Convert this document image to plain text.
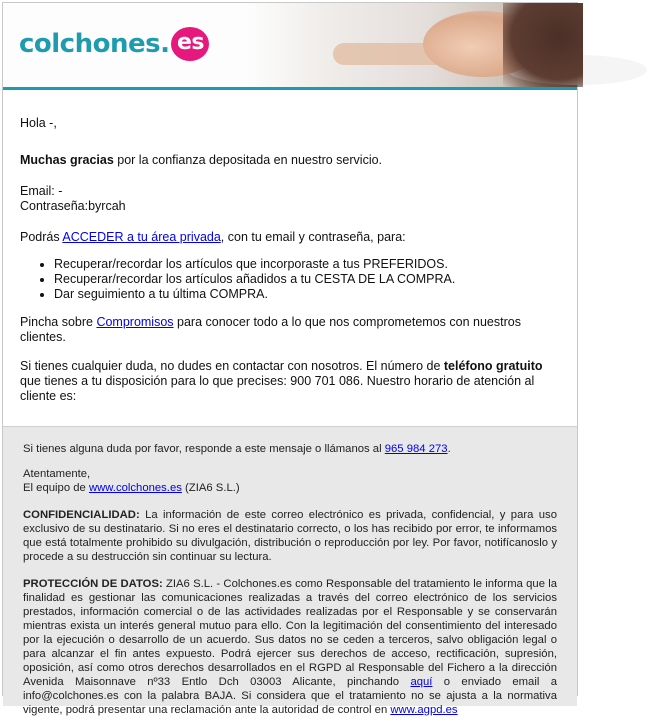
colchones. es

Hola -,

Muchas gracias por la confianza depositada en nuestro servicio.

Email: -

Contraseña:byrcah

Podrás ACCEDER a tu área privada, con tu email y contraseña, para:

• Recuperar/recordar los artículos que incorporaste a tus PREFERIDOS.
• Recuperar/recordar los artículos añadidos a tu CESTA DE LA COMPRA.
• Dar seguimiento a tu última COMPRA.

Pincha sobre Compromisos para conocer todo a lo que nos comprometemos con nuestros clientes.

Si tienes cualquier duda, no dudes en contactar con nosotros. El número de teléfono gratuito que tienes a tu disposición para lo que precises: 900 701 086. Nuestro horario de atención al cliente es:

Si tienes alguna duda por favor, responde a este mensaje o llámanos al 965 984 273.

Atentamente,

El equipo de www.colchones.es (ZIA6 S.L.)

CONFIDENCIALIDAD: La información de este correo electrónico es privada, confidencial, y para uso exclusivo de su destinatario. Si no eres el destinatario correcto, o los has recibido por error, te informamos que está totalmente prohibido su divulgación, distribución o reproducción por ley. Por favor, notifícanoslo y procede a su destrucción sin continuar su lectura.

PROTECCIÓN DE DATOS: ZIA6 S.L. - Colchones.es como Responsable del tratamiento le informa que la finalidad es gestionar las comunicaciones realizadas a través del correo electrónico de los servicios prestados, información comercial o de las actividades realizadas por el Responsable y se conservarán mientras exista un interés general mutuo para ello. Con la legitimación del consentimiento del interesado por la ejecución o desarrollo de un acuerdo. Sus datos no se ceden a terceros, salvo obligación legal o para alcanzar el fin antes expuesto. Podrá ejercer sus derechos de acceso, rectificación, supresión, oposición, así como otros derechos desarrollados en el RGPD al Responsable del Fichero a la dirección Avenida Maisonnave nº33 Entlo Dch 03003 Alicante, pinchando aquí o enviado email a info@colchones.es con la palabra BAJA. Si considera que el tratamiento no se ajusta a la normativa vigente, podrá presentar una reclamación ante la autoridad de control en www.agpd.es
